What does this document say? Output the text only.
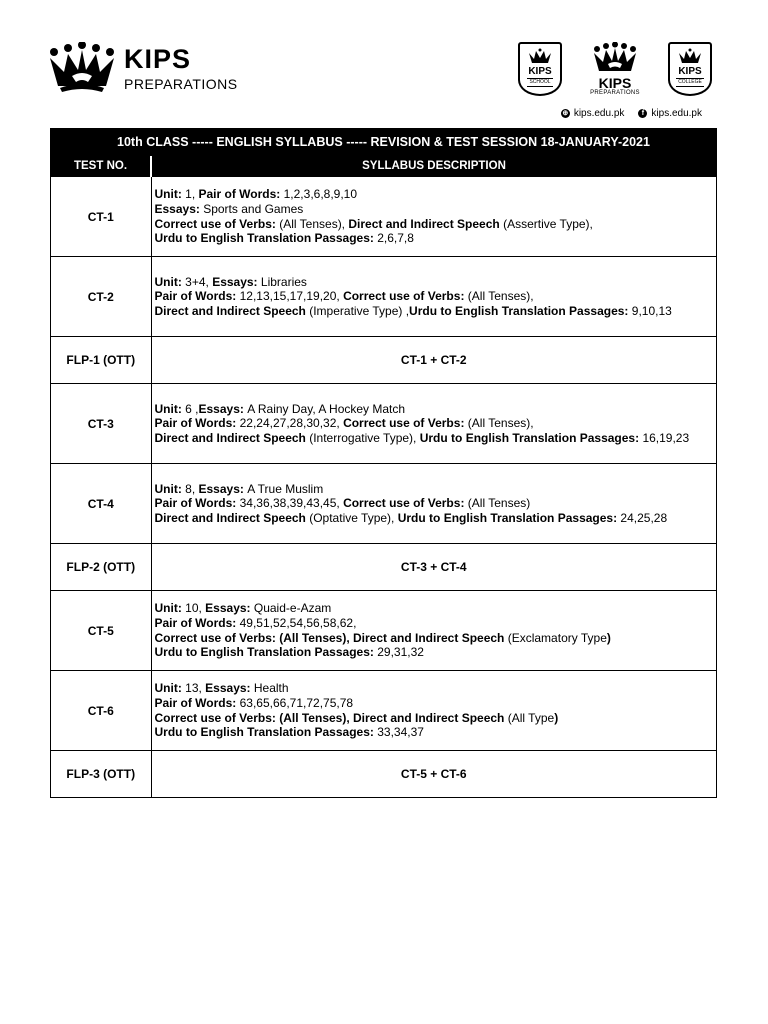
KIPS
PREPARATIONS
KIPS
SCHOOL	KIPS
PREPARATIONS
KIPS
COLLEGE
⊕ kips.edu.pk	f kips.edu.pk
10th CLASS ----- ENGLISH SYLLABUS ----- REVISION & TEST SESSION 18-JANUARY-2021
TEST NO.	SYLLABUS DESCRIPTION
CT-1	Unit: 1, Pair of Words: 1,2,3,6,8,9,10
Essays: Sports and Games
Correct use of Verbs: (All Tenses), Direct and Indirect Speech (Assertive Type),
Urdu to English Translation Passages: 2,6,7,8

CT-2	Unit: 3+4, Essays: Libraries
Pair of Words: 12,13,15,17,19,20, Correct use of Verbs: (All Tenses),
Direct and Indirect Speech (Imperative Type) ,Urdu to English Translation Passages: 9,10,13

FLP-1 (OTT)	CT-1 + CT-2
CT-3	Unit: 6 ,Essays: A Rainy Day, A Hockey Match
Pair of Words: 22,24,27,28,30,32, Correct use of Verbs: (All Tenses),
Direct and Indirect Speech (Interrogative Type), Urdu to English Translation Passages: 16,19,23

CT-4	Unit: 8, Essays: A True Muslim
Pair of Words: 34,36,38,39,43,45, Correct use of Verbs: (All Tenses)
Direct and Indirect Speech (Optative Type), Urdu to English Translation Passages: 24,25,28

FLP-2 (OTT)	CT-3 + CT-4
CT-5	Unit: 10, Essays: Quaid-e-Azam
Pair of Words: 49,51,52,54,56,58,62,
Correct use of Verbs: (All Tenses), Direct and Indirect Speech (Exclamatory Type)
Urdu to English Translation Passages: 29,31,32

CT-6	Unit: 13, Essays: Health
Pair of Words: 63,65,66,71,72,75,78
Correct use of Verbs: (All Tenses), Direct and Indirect Speech (All Type)
Urdu to English Translation Passages: 33,34,37

FLP-3 (OTT)	CT-5 + CT-6
